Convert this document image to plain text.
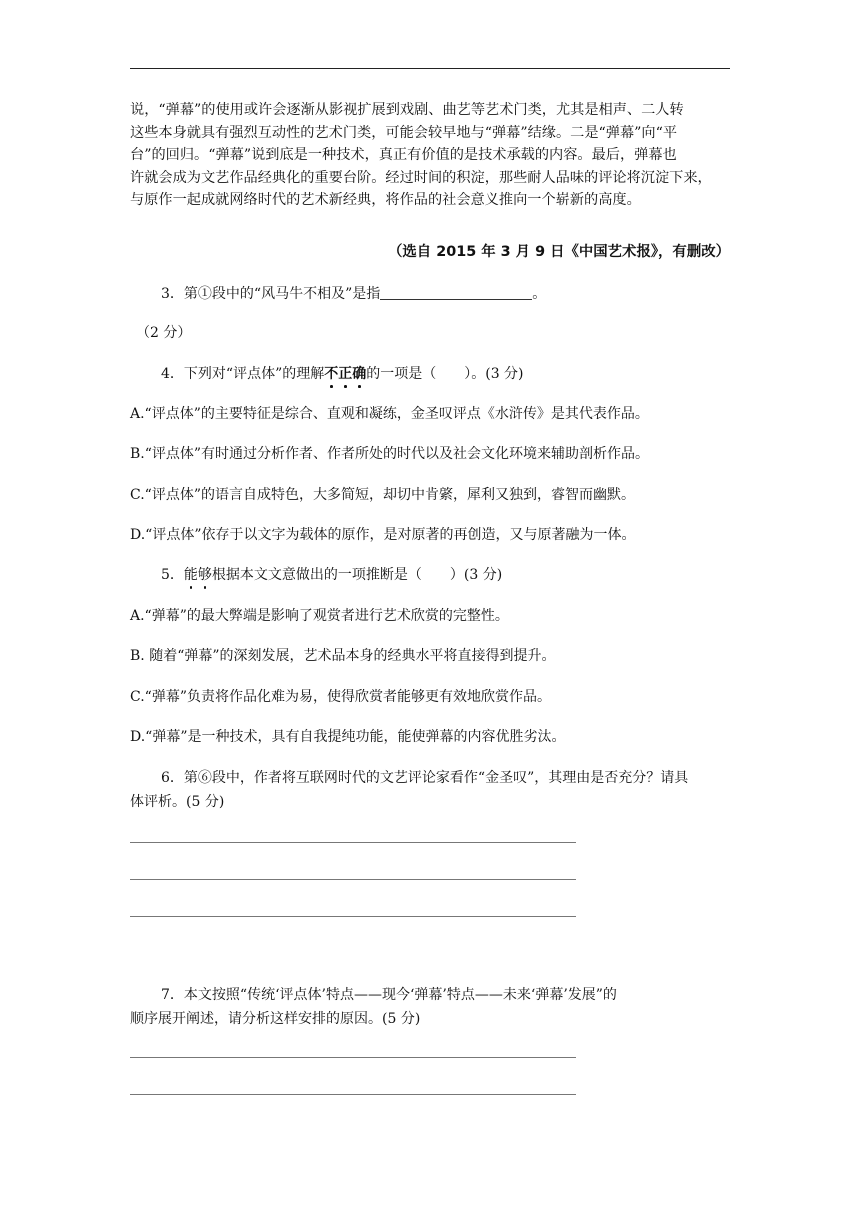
说，“弹幕”的使用或许会逐渐从影视扩展到戏剧、曲艺等艺术门类，尤其是相声、二人转
这些本身就具有强烈互动性的艺术门类，可能会较早地与“弹幕”结缘。二是“弹幕”向“平
台”的回归。“弹幕”说到底是一种技术，真正有价值的是技术承载的内容。最后，弹幕也
许就会成为文艺作品经典化的重要台阶。经过时间的积淀，那些耐人品味的评论将沉淀下来，
与原作一起成就网络时代的艺术新经典，将作品的社会意义推向一个崭新的高度。

（选自 2015 年 3 月 9 日《中国艺术报》，有删改）
3．第①段中的“风马牛不相及”是指	。
（2 分）
4．下列对“评点体”的理解不正确的一项是（　　）。(3 分)
A.“评点体”的主要特征是综合、直观和凝练，金圣叹评点《水浒传》是其代表作品。
B.“评点体”有时通过分析作者、作者所处的时代以及社会文化环境来辅助剖析作品。
C.“评点体”的语言自成特色，大多简短，却切中肯綮，犀利又独到，睿智而幽默。
D.“评点体”依存于以文字为载体的原作，是对原著的再创造，又与原著融为一体。
5．能够根据本文文意做出的一项推断是（　　）(3 分)
A.“弹幕”的最大弊端是影响了观赏者进行艺术欣赏的完整性。
B. 随着“弹幕”的深刻发展，艺术品本身的经典水平将直接得到提升。
C.“弹幕”负责将作品化难为易，使得欣赏者能够更有效地欣赏作品。
D.“弹幕”是一种技术，具有自我提纯功能，能使弹幕的内容优胜劣汰。
6．第⑥段中，作者将互联网时代的文艺评论家看作“金圣叹”，其理由是否充分？请具
体评析。(5 分)
7．本文按照“传统‘评点体’特点——现今‘弹幕’特点——未来‘弹幕’发展”的
顺序展开阐述，请分析这样安排的原因。(5 分)
